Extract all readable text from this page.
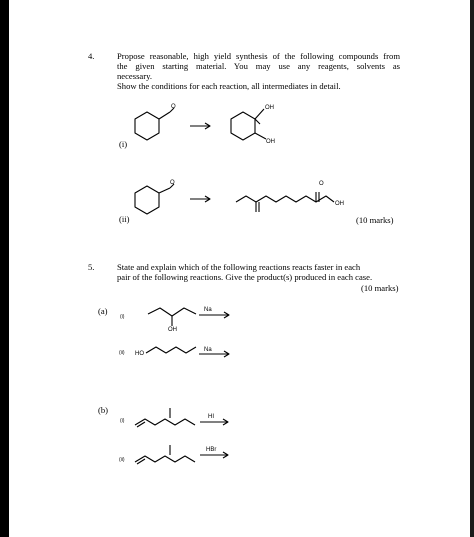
4.	Propose reasonable, high yield synthesis of the following compounds from
the given starting material. You may use any reagents, solvents as
necessary.
Show the conditions for each reaction, all intermediates in detail.
(i)
(ii)	(10 marks)
5.	State and explain which of the following reactions reacts faster in each
pair of the following reactions. Give the product(s) produced in each case.
(10 marks)
(a)
(b)
(i)
(ii)
(i)
(ii)
O	OH
OH
O	O
OH
OH
Na
HO
Na
HI
HBr
